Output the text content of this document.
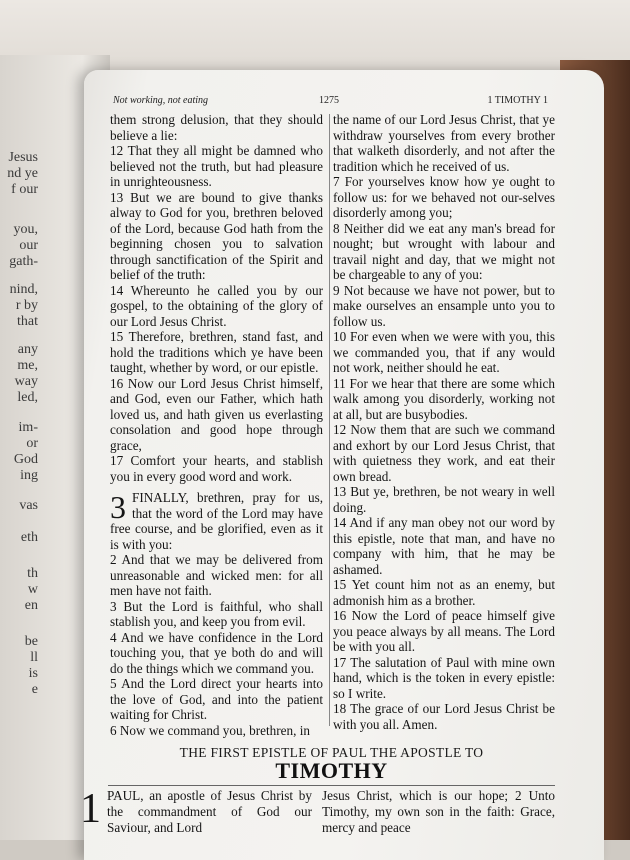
Jesus
nd ye
f our
you,
our
gath-
nind,
r by
that
any
me,
way
led,
im-
or
God
ing
vas
eth
th
w
en
be
ll
is
e
Not working, not eating	1275	1 TIMOTHY 1

them strong delusion, that they should believe a lie:

12 That they all might be damned who believed not the truth, but had pleasure in unrighteousness.

13 But we are bound to give thanks alway to God for you, brethren beloved of the Lord, because God hath from the beginning chosen you to salvation through sanctification of the Spirit and belief of the truth:

14 Whereunto he called you by our gospel, to the obtaining of the glory of our Lord Jesus Christ.

15 Therefore, brethren, stand fast, and hold the traditions which ye have been taught, whether by word, or our epistle.

16 Now our Lord Jesus Christ himself, and God, even our Father, which hath loved us, and hath given us everlasting consolation and good hope through grace,

17 Comfort your hearts, and stablish you in every good word and work.

3 FINALLY, brethren, pray for us, that the word of the Lord may have free course, and be glorified, even as it is with you:

2 And that we may be delivered from unreasonable and wicked men: for all men have not faith.

3 But the Lord is faithful, who shall stablish you, and keep you from evil.

4 And we have confidence in the Lord touching you, that ye both do and will do the things which we command you.

5 And the Lord direct your hearts into the love of God, and into the patient waiting for Christ.

6 Now we command you, brethren, in

the name of our Lord Jesus Christ, that ye withdraw yourselves from every brother that walketh disorderly, and not after the tradition which he received of us.

7 For yourselves know how ye ought to follow us: for we behaved not our-selves disorderly among you;

8 Neither did we eat any man's bread for nought; but wrought with labour and travail night and day, that we might not be chargeable to any of you:

9 Not because we have not power, but to make ourselves an ensample unto you to follow us.

10 For even when we were with you, this we commanded you, that if any would not work, neither should he eat.

11 For we hear that there are some which walk among you disorderly, working not at all, but are busybodies.

12 Now them that are such we command and exhort by our Lord Jesus Christ, that with quietness they work, and eat their own bread.

13 But ye, brethren, be not weary in well doing.

14 And if any man obey not our word by this epistle, note that man, and have no company with him, that he may be ashamed.

15 Yet count him not as an enemy, but admonish him as a brother.

16 Now the Lord of peace himself give you peace always by all means. The Lord be with you all.

17 The salutation of Paul with mine own hand, which is the token in every epistle: so I write.

18 The grace of our Lord Jesus Christ be with you all. Amen.

THE FIRST EPISTLE OF PAUL THE APOSTLE TO
TIMOTHY

1 PAUL, an apostle of Jesus Christ by the commandment of God our Saviour, and Lord

Jesus Christ, which is our hope; 2 Unto Timothy, my own son in the faith: Grace, mercy and peace
